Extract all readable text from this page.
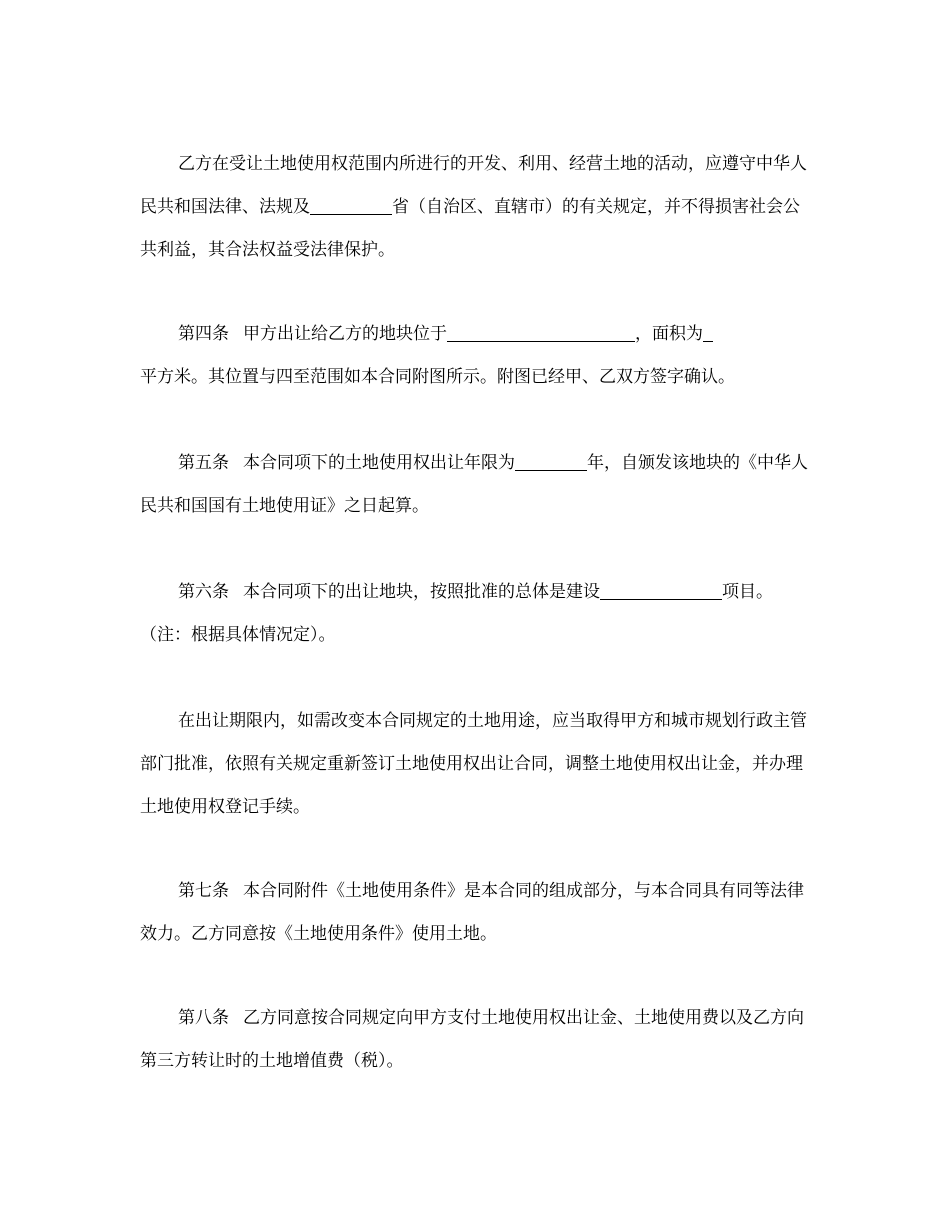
乙方在受让土地使用权范围内所进行的开发、利用、经营土地的活动，应遵守中华人民共和国法律、法规及	省（自治区、直辖市）的有关规定，并不得损害社会公共利益，其合法权益受法律保护。

第四条 甲方出让给乙方的地块位于	，面积为
平方米。其位置与四至范围如本合同附图所示。附图已经甲、乙双方签字确认。

第五条 本合同项下的土地使用权出让年限为	年，自颁发该地块的《中华人民共和国国有土地使用证》之日起算。

第六条 本合同项下的出让地块，按照批准的总体是建设	项目。（注：根据具体情况定）。

在出让期限内，如需改变本合同规定的土地用途，应当取得甲方和城市规划行政主管部门批准，依照有关规定重新签订土地使用权出让合同，调整土地使用权出让金，并办理土地使用权登记手续。

第七条 本合同附件《土地使用条件》是本合同的组成部分，与本合同具有同等法律效力。乙方同意按《土地使用条件》使用土地。

第八条 乙方同意按合同规定向甲方支付土地使用权出让金、土地使用费以及乙方向第三方转让时的土地增值费（税）。
